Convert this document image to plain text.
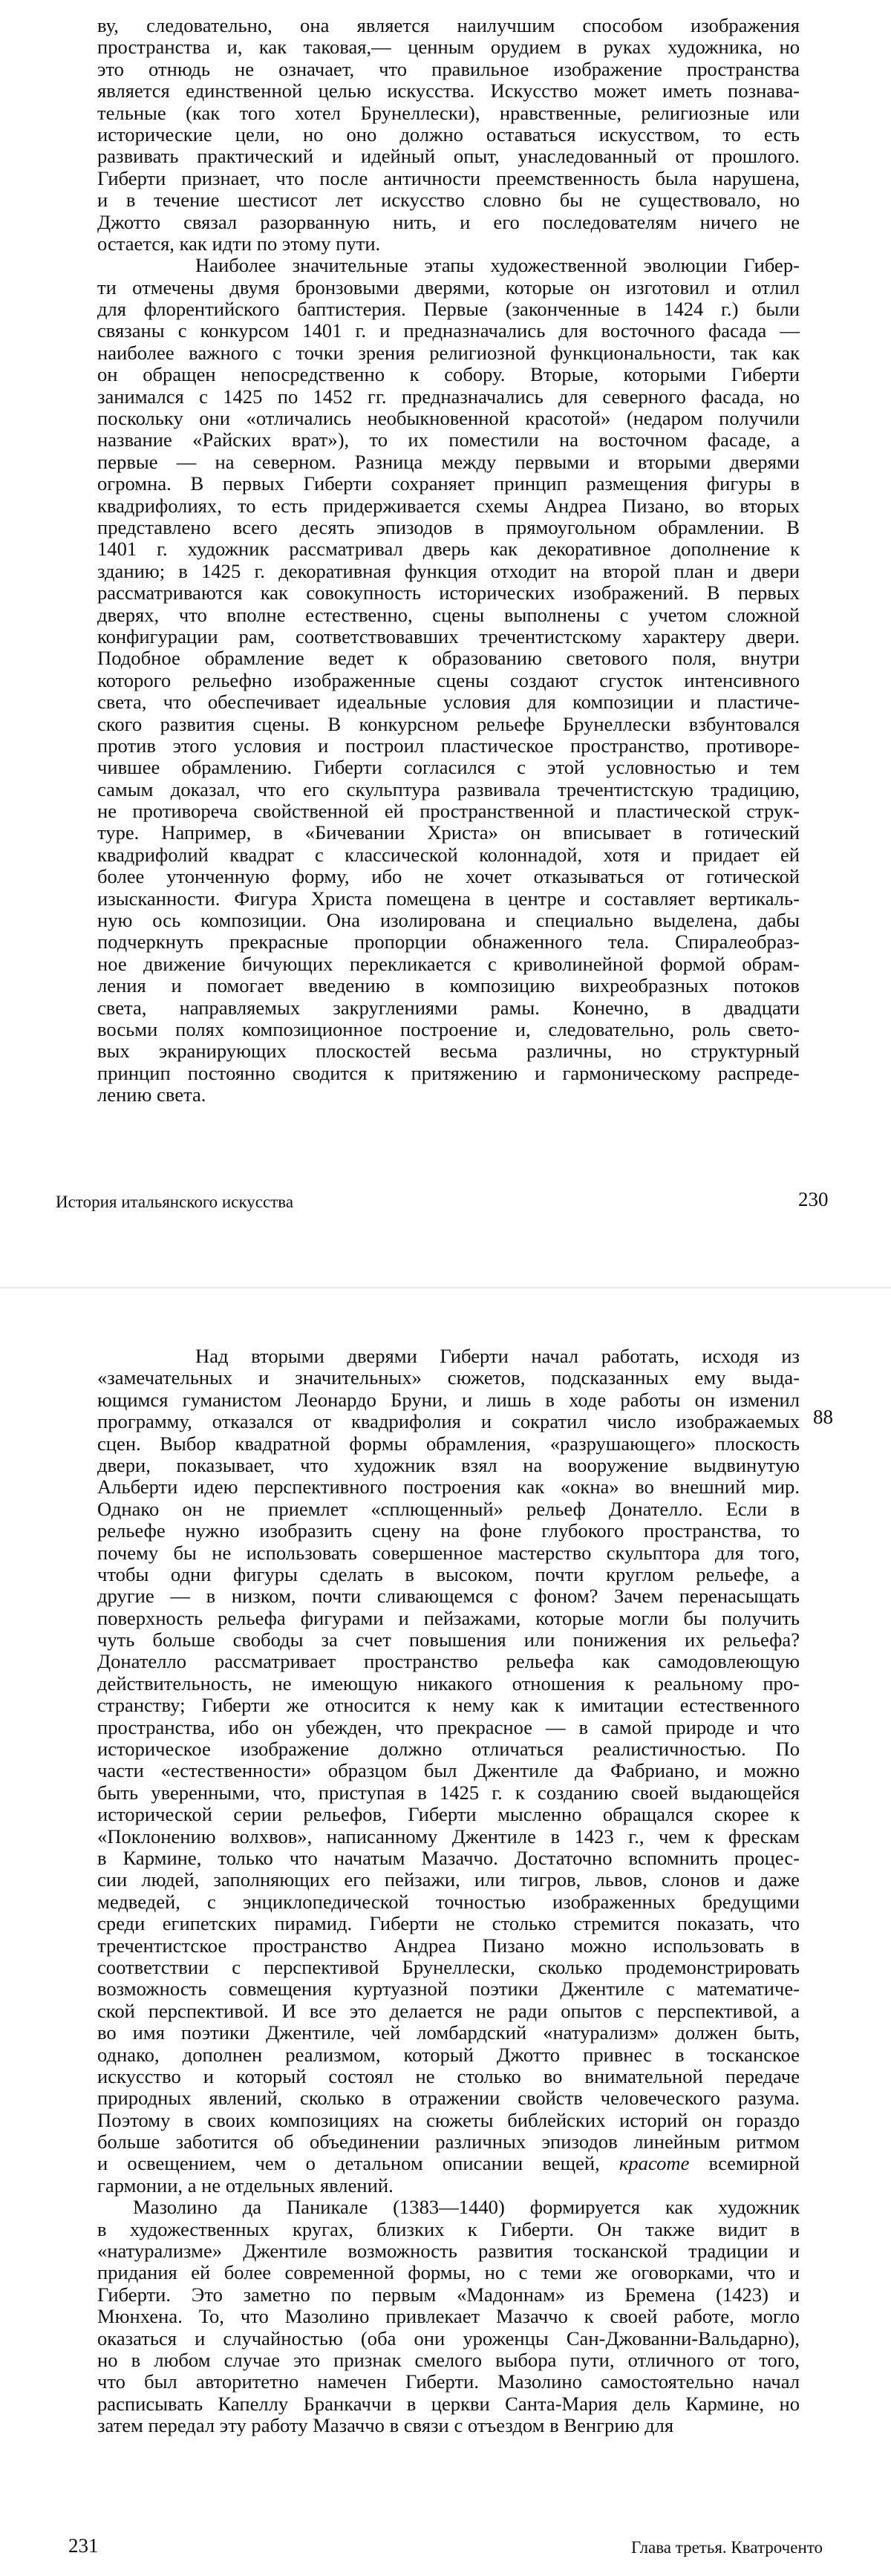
ву, следовательно, она является наилучшим способом изображения
пространства и, как таковая,— ценным орудием в руках художника, но
это отнюдь не означает, что правильное изображение пространства
является единственной целью искусства. Искусство может иметь познава-
тельные (как того хотел Брунеллески), нравственные, религиозные или
исторические цели, но оно должно оставаться искусством, то есть
развивать практический и идейный опыт, унаследованный от прошлого.
Гиберти признает, что после античности преемственность была нарушена,
и в течение шестисот лет искусство словно бы не существовало, но
Джотто связал разорванную нить, и его последователям ничего не
остается, как идти по этому пути.
Наиболее значительные этапы художественной эволюции Гибер-
ти отмечены двумя бронзовыми дверями, которые он изготовил и отлил
для флорентийского баптистерия. Первые (законченные в 1424 г.) были
связаны с конкурсом 1401 г. и предназначались для восточного фасада —
наиболее важного с точки зрения религиозной функциональности, так как
он обращен непосредственно к собору. Вторые, которыми Гиберти
занимался с 1425 по 1452 гг. предназначались для северного фасада, но
поскольку они «отличались необыкновенной красотой» (недаром получили
название «Райских врат»), то их поместили на восточном фасаде, а
первые — на северном. Разница между первыми и вторыми дверями
огромна. В первых Гиберти сохраняет принцип размещения фигуры в
квадрифолиях, то есть придерживается схемы Андреа Пизано, во вторых
представлено всего десять эпизодов в прямоугольном обрамлении. В
1401 г. художник рассматривал дверь как декоративное дополнение к
зданию; в 1425 г. декоративная функция отходит на второй план и двери
рассматриваются как совокупность исторических изображений. В первых
дверях, что вполне естественно, сцены выполнены с учетом сложной
конфигурации рам, соответствовавших тречентистскому характеру двери.
Подобное обрамление ведет к образованию светового поля, внутри
которого рельефно изображенные сцены создают сгусток интенсивного
света, что обеспечивает идеальные условия для композиции и пластиче-
ского развития сцены. В конкурсном рельефе Брунеллески взбунтовался
против этого условия и построил пластическое пространство, противоре-
чившее обрамлению. Гиберти согласился с этой условностью и тем
самым доказал, что его скульптура развивала тречентистскую традицию,
не противореча свойственной ей пространственной и пластической струк-
туре. Например, в «Бичевании Христа» он вписывает в готический
квадрифолий квадрат с классической колоннадой, хотя и придает ей
более утонченную форму, ибо не хочет отказываться от готической
изысканности. Фигура Христа помещена в центре и составляет вертикаль-
ную ось композиции. Она изолирована и специально выделена, дабы
подчеркнуть прекрасные пропорции обнаженного тела. Спиралеобраз-
ное движение бичующих перекликается с криволинейной формой обрам-
ления и помогает введению в композицию вихреобразных потоков
света, направляемых закруглениями рамы. Конечно, в двадцати
восьми полях композиционное построение и, следовательно, роль свето-
вых экранирующих плоскостей весьма различны, но структурный
принцип постоянно сводится к притяжению и гармоническому распреде-
лению света.
История итальянского искусства	230
Над вторыми дверями Гиберти начал работать, исходя из
«замечательных и значительных» сюжетов, подсказанных ему выда-
ющимся гуманистом Леонардо Бруни, и лишь в ходе работы он изменил
программу, отказался от квадрифолия и сократил число изображаемых
сцен. Выбор квадратной формы обрамления, «разрушающего» плоскость
двери, показывает, что художник взял на вооружение выдвинутую
Альберти идею перспективного построения как «окна» во внешний мир.
Однако он не приемлет «сплющенный» рельеф Донателло. Если в
рельефе нужно изобразить сцену на фоне глубокого пространства, то
почему бы не использовать совершенное мастерство скульптора для того,
чтобы одни фигуры сделать в высоком, почти круглом рельефе, а
другие — в низком, почти сливающемся с фоном? Зачем перенасыщать
поверхность рельефа фигурами и пейзажами, которые могли бы получить
чуть больше свободы за счет повышения или понижения их рельефа?
Донателло рассматривает пространство рельефа как самодовлеющую
действительность, не имеющую никакого отношения к реальному про-
странству; Гиберти же относится к нему как к имитации естественного
пространства, ибо он убежден, что прекрасное — в самой природе и что
историческое изображение должно отличаться реалистичностью. По
части «естественности» образцом был Джентиле да Фабриано, и можно
быть уверенными, что, приступая в 1425 г. к созданию своей выдающейся
исторической серии рельефов, Гиберти мысленно обращался скорее к
«Поклонению волхвов», написанному Джентиле в 1423 г., чем к фрескам
в Кармине, только что начатым Мазаччо. Достаточно вспомнить процес-
сии людей, заполняющих его пейзажи, или тигров, львов, слонов и даже
медведей, с энциклопедической точностью изображенных бредущими
среди египетских пирамид. Гиберти не столько стремится показать, что
тречентистское пространство Андреа Пизано можно использовать в
соответствии с перспективой Брунеллески, сколько продемонстрировать
возможность совмещения куртуазной поэтики Джентиле с математиче-
ской перспективой. И все это делается не ради опытов с перспективой, а
во имя поэтики Джентиле, чей ломбардский «натурализм» должен быть,
однако, дополнен реализмом, который Джотто привнес в тосканское
искусство и который состоял не столько во внимательной передаче
природных явлений, сколько в отражении свойств человеческого разума.
Поэтому в своих композициях на сюжеты библейских историй он гораздо
больше заботится об объединении различных эпизодов линейным ритмом
и освещением, чем о детальном описании вещей, красоте всемирной
гармонии, а не отдельных явлений.
Мазолино да Паникале (1383—1440) формируется как художник
в художественных кругах, близких к Гиберти. Он также видит в
«натурализме» Джентиле возможность развития тосканской традиции и
придания ей более современной формы, но с теми же оговорками, что и
Гиберти. Это заметно по первым «Мадоннам» из Бремена (1423) и
Мюнхена. То, что Мазолино привлекает Мазаччо к своей работе, могло
оказаться и случайностью (оба они уроженцы Сан-Джованни-Вальдарно),
но в любом случае это признак смелого выбора пути, отличного от того,
что был авторитетно намечен Гиберти. Мазолино самостоятельно начал
расписывать Капеллу Бранкаччи в церкви Санта-Мария дель Кармине, но
затем передал эту работу Мазаччо в связи с отъездом в Венгрию для
88
231	Глава третья. Кватроченто
